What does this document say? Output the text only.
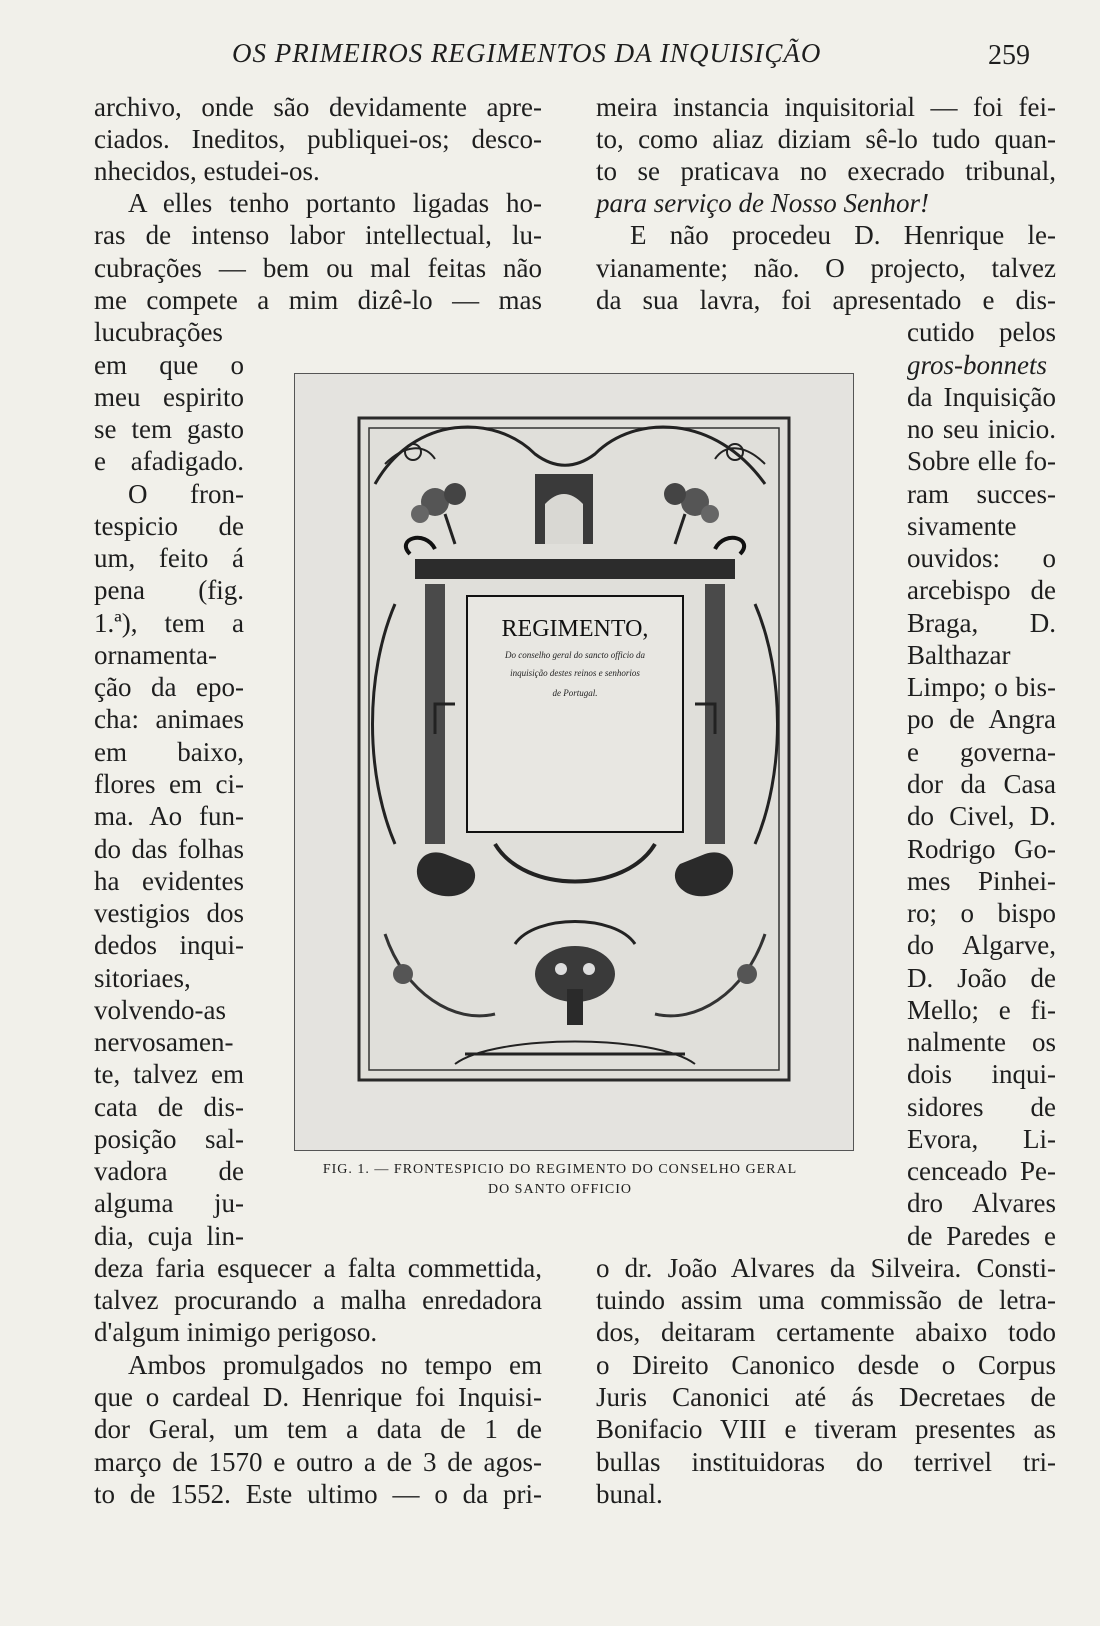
OS PRIMEIROS REGIMENTOS DA INQUISIÇÃO	259
archivo, onde são devidamente apre-
ciados. Ineditos, publiquei-os; desco-
nhecidos, estudei-os.
A elles tenho portanto ligadas ho-
ras de intenso labor intellectual, lu-
cubrações — bem ou mal feitas não
me compete a mim dizê-lo — mas
lucubrações
em que o
meu espirito
se tem gasto
e afadigado.
O fron-
tespicio de
um, feito á
pena (fig.
1.ª), tem a
ornamenta-
ção da epo-
cha: animaes
em baixo,
flores em ci-
ma. Ao fun-
do das folhas
ha evidentes
vestigios dos
dedos inqui-
sitoriaes,
volvendo-as
nervosamen-
te, talvez em
cata de dis-
posição sal-
vadora de
alguma ju-
dia, cuja lin-
deza faria esquecer a falta commettida,
talvez procurando a malha enredadora
d'algum inimigo perigoso.
Ambos promulgados no tempo em
que o cardeal D. Henrique foi Inquisi-
dor Geral, um tem a data de 1 de
março de 1570 e outro a de 3 de agos-
to de 1552. Este ultimo — o da pri-
meira instancia inquisitorial — foi fei-
to, como aliaz diziam sê-lo tudo quan-
to se praticava no execrado tribunal,
para serviço de Nosso Senhor!
E não procedeu D. Henrique le-
vianamente; não. O projecto, talvez
da sua lavra, foi apresentado e dis-
cutido pelos
gros-bonnets
da Inquisição
no seu inicio.
Sobre elle fo-
ram succes-
sivamente
ouvidos: o
arcebispo de
Braga, D.
Balthazar
Limpo; o bis-
po de Angra
e governa-
dor da Casa
do Civel, D.
Rodrigo Go-
mes Pinhei-
ro; o bispo
do Algarve,
D. João de
Mello; e fi-
nalmente os
dois inqui-
sidores de
Evora, Li-
cenceado Pe-
dro Alvares
de Paredes e
o dr. João Alvares da Silveira. Consti-
tuindo assim uma commissão de letra-
dos, deitaram certamente abaixo todo
o Direito Canonico desde o Corpus
Juris Canonici até ás Decretaes de
Bonifacio VIII e tiveram presentes as
bullas instituidoras do terrivel tri-
bunal.
REGIMENTO,
Do conselho geral do sancto officio da
inquisição destes reinos e senhorios
de Portugal.
FIG. 1. — FRONTESPICIO DO REGIMENTO DO CONSELHO GERAL
DO SANTO OFFICIO
